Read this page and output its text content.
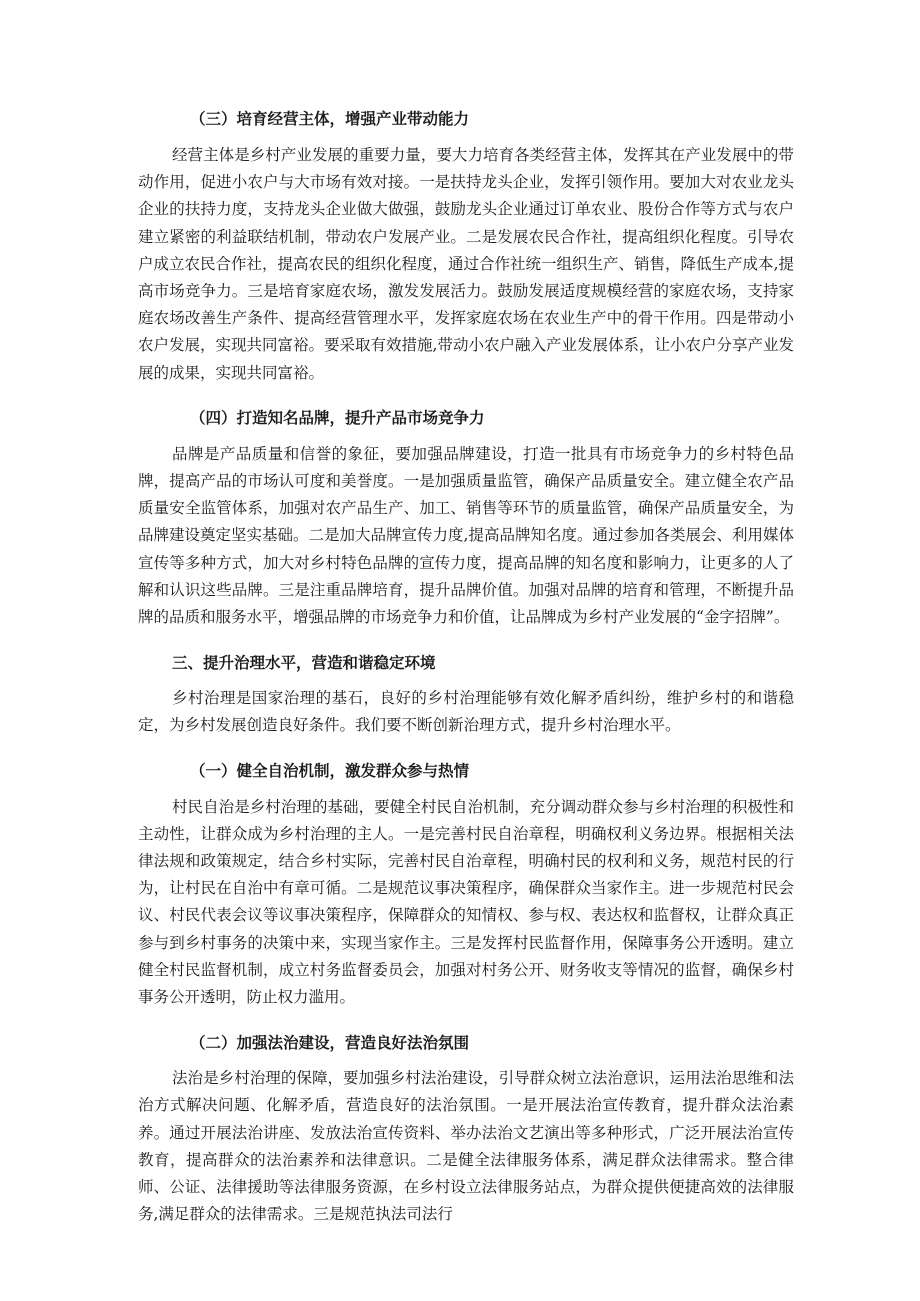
（三）培育经营主体，增强产业带动能力

经营主体是乡村产业发展的重要力量，要大力培育各类经营主体，发挥其在产业发展中的带动作用，促进小农户与大市场有效对接。一是扶持龙头企业，发挥引领作用。要加大对农业龙头企业的扶持力度，支持龙头企业做大做强，鼓励龙头企业通过订单农业、股份合作等方式与农户建立紧密的利益联结机制，带动农户发展产业。二是发展农民合作社，提高组织化程度。引导农户成立农民合作社，提高农民的组织化程度，通过合作社统一组织生产、销售，降低生产成本,提高市场竞争力。三是培育家庭农场，激发发展活力。鼓励发展适度规模经营的家庭农场，支持家庭农场改善生产条件、提高经营管理水平，发挥家庭农场在农业生产中的骨干作用。四是带动小农户发展，实现共同富裕。要采取有效措施,带动小农户融入产业发展体系，让小农户分享产业发展的成果，实现共同富裕。

（四）打造知名品牌，提升产品市场竞争力

品牌是产品质量和信誉的象征，要加强品牌建设，打造一批具有市场竞争力的乡村特色品牌，提高产品的市场认可度和美誉度。一是加强质量监管，确保产品质量安全。建立健全农产品质量安全监管体系，加强对农产品生产、加工、销售等环节的质量监管，确保产品质量安全，为品牌建设奠定坚实基础。二是加大品牌宣传力度,提高品牌知名度。通过参加各类展会、利用媒体宣传等多种方式，加大对乡村特色品牌的宣传力度，提高品牌的知名度和影响力，让更多的人了解和认识这些品牌。三是注重品牌培育，提升品牌价值。加强对品牌的培育和管理，不断提升品牌的品质和服务水平，增强品牌的市场竞争力和价值，让品牌成为乡村产业发展的“金字招牌”。

三、提升治理水平，营造和谐稳定环境

乡村治理是国家治理的基石，良好的乡村治理能够有效化解矛盾纠纷，维护乡村的和谐稳定，为乡村发展创造良好条件。我们要不断创新治理方式，提升乡村治理水平。

（一）健全自治机制，激发群众参与热情

村民自治是乡村治理的基础，要健全村民自治机制，充分调动群众参与乡村治理的积极性和主动性，让群众成为乡村治理的主人。一是完善村民自治章程，明确权利义务边界。根据相关法律法规和政策规定，结合乡村实际，完善村民自治章程，明确村民的权利和义务，规范村民的行为，让村民在自治中有章可循。二是规范议事决策程序，确保群众当家作主。进一步规范村民会议、村民代表会议等议事决策程序，保障群众的知情权、参与权、表达权和监督权，让群众真正参与到乡村事务的决策中来，实现当家作主。三是发挥村民监督作用，保障事务公开透明。建立健全村民监督机制，成立村务监督委员会，加强对村务公开、财务收支等情况的监督，确保乡村事务公开透明，防止权力滥用。

（二）加强法治建设，营造良好法治氛围

法治是乡村治理的保障，要加强乡村法治建设，引导群众树立法治意识，运用法治思维和法治方式解决问题、化解矛盾，营造良好的法治氛围。一是开展法治宣传教育，提升群众法治素养。通过开展法治讲座、发放法治宣传资料、举办法治文艺演出等多种形式，广泛开展法治宣传教育，提高群众的法治素养和法律意识。二是健全法律服务体系，满足群众法律需求。整合律师、公证、法律援助等法律服务资源，在乡村设立法律服务站点，为群众提供便捷高效的法律服务,满足群众的法律需求。三是规范执法司法行
